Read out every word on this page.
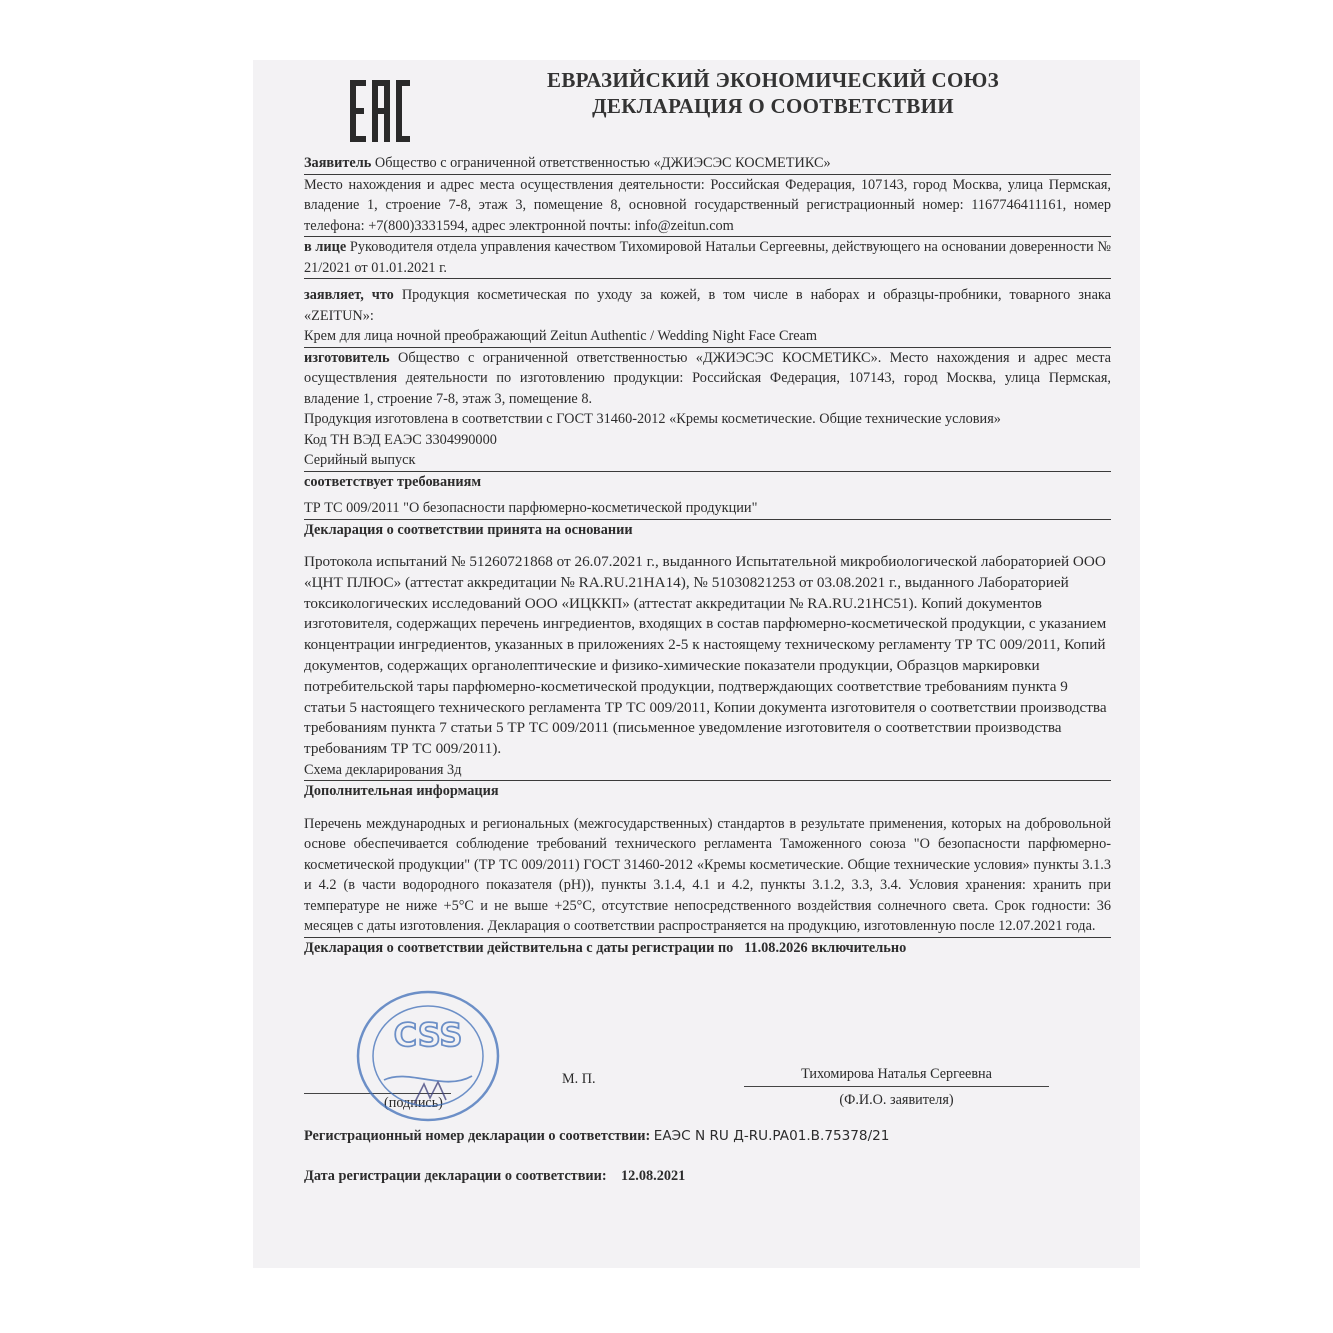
ЕВРАЗИЙСКИЙ ЭКОНОМИЧЕСКИЙ СОЮЗ
ДЕКЛАРАЦИЯ О СООТВЕТСТВИИ
Заявитель Общество с ограниченной ответственностью «ДЖИЭСЭС КОСМЕТИКС»
Место нахождения и адрес места осуществления деятельности: Российская Федерация, 107143, город Москва, улица Пермская, владение 1, строение 7-8, этаж 3, помещение 8, основной государственный регистрационный номер: 1167746411161, номер телефона: +7(800)3331594, адрес электронной почты: info@zeitun.com
в лице Руководителя отдела управления качеством Тихомировой Натальи Сергеевны, действующего на основании доверенности № 21/2021 от 01.01.2021 г.
заявляет, что Продукция косметическая по уходу за кожей, в том числе в наборах и образцы-пробники, товарного знака «ZEITUN»:
Крем для лица ночной преображающий Zeitun Authentic / Wedding Night Face Cream
изготовитель Общество с ограниченной ответственностью «ДЖИЭСЭС КОСМЕТИКС». Место нахождения и адрес места осуществления деятельности по изготовлению продукции: Российская Федерация, 107143, город Москва, улица Пермская, владение 1, строение 7-8, этаж 3, помещение 8.
Продукция изготовлена в соответствии с ГОСТ 31460-2012 «Кремы косметические. Общие технические условия»
Код ТН ВЭД ЕАЭС 3304990000
Серийный выпуск
соответствует требованиям
ТР ТС 009/2011 "О безопасности парфюмерно-косметической продукции"
Декларация о соответствии принята на основании
Протокола испытаний № 51260721868 от 26.07.2021 г., выданного Испытательной микробиологической лабораторией ООО «ЦНТ ПЛЮС» (аттестат аккредитации № RA.RU.21НА14), № 51030821253 от 03.08.2021 г., выданного Лабораторией токсикологических исследований ООО «ИЦККП» (аттестат аккредитации № RA.RU.21НС51). Копий документов изготовителя, содержащих перечень ингредиентов, входящих в состав парфюмерно-косметической продукции, с указанием концентрации ингредиентов, указанных в приложениях 2-5 к настоящему техническому регламенту ТР ТС 009/2011, Копий документов, содержащих органолептические и физико-химические показатели продукции, Образцов маркировки потребительской тары парфюмерно-косметической продукции, подтверждающих соответствие требованиям пункта 9 статьи 5 настоящего технического регламента ТР ТС 009/2011, Копии документа изготовителя о соответствии производства требованиям пункта 7 статьи 5 ТР ТС 009/2011 (письменное уведомление изготовителя о соответствии производства требованиям ТР ТС 009/2011).
Схема декларирования 3д
Дополнительная информация
Перечень международных и региональных (межгосударственных) стандартов в результате применения, которых на добровольной основе обеспечивается соблюдение требований технического регламента Таможенного союза "О безопасности парфюмерно-косметической продукции" (ТР ТС 009/2011) ГОСТ 31460-2012 «Кремы косметические. Общие технические условия» пункты 3.1.3 и 4.2 (в части водородного показателя (pH)), пункты 3.1.4, 4.1 и 4.2, пункты 3.1.2, 3.3, 3.4. Условия хранения: хранить при температуре не ниже +5°С и не выше +25°С, отсутствие непосредственного воздействия солнечного света. Срок годности: 36 месяцев с даты изготовления. Декларация о соответствии распространяется на продукцию, изготовленную после 12.07.2021 года.
Декларация о соответствии действительна с даты регистрации по 11.08.2026 включительно
М. П.	Тихомирова Наталья Сергеевна
(подпись)	(Ф.И.О. заявителя)
CSS
Регистрационный номер декларации о соответствии: ЕАЭС N RU Д-RU.PA01.B.75378/21
Дата регистрации декларации о соответствии: 12.08.2021
